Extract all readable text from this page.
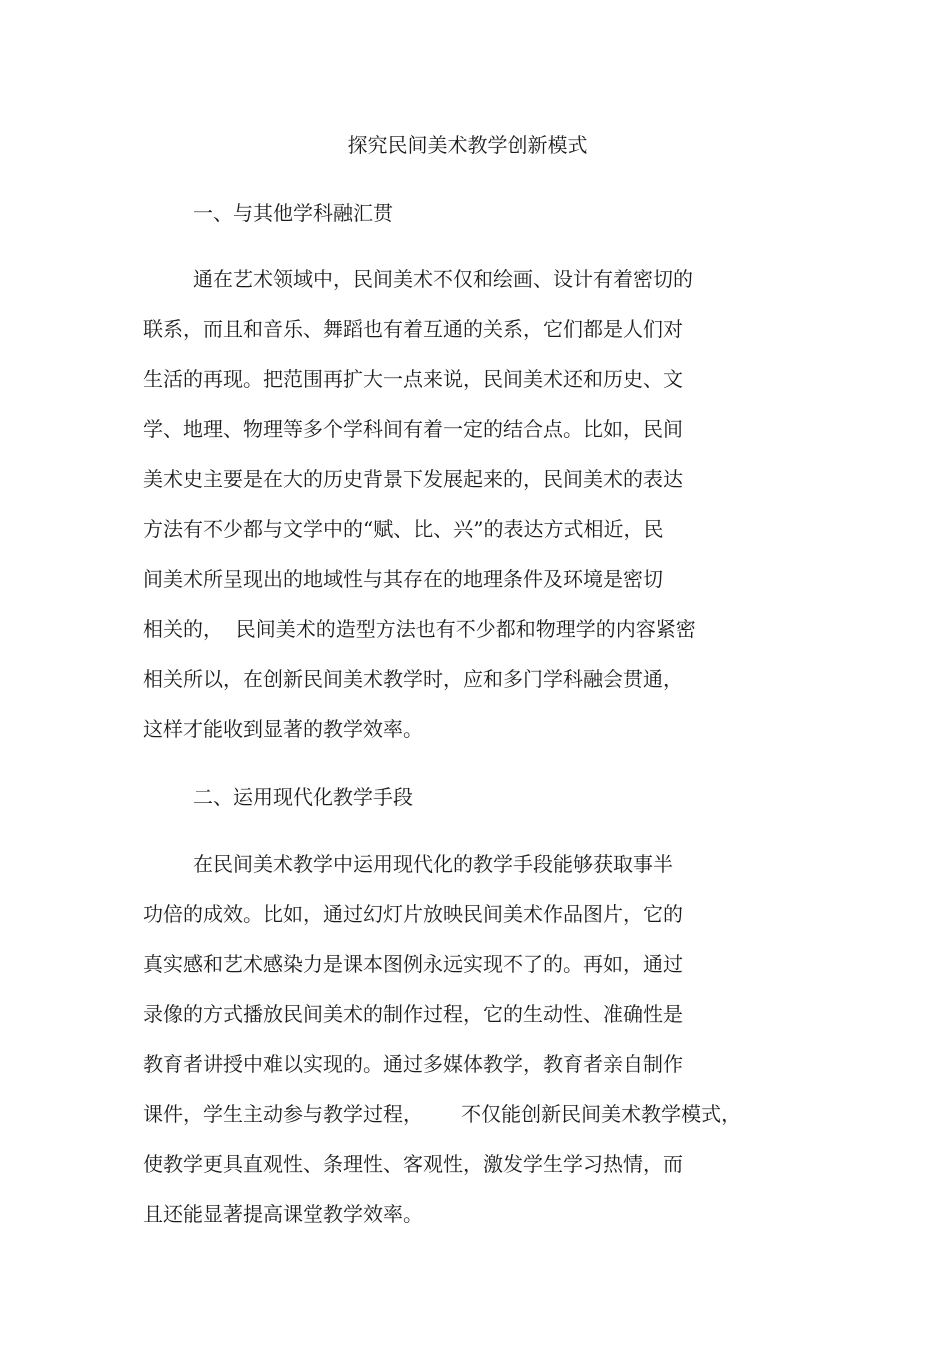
探究民间美术教学创新模式
一、与其他学科融汇贯
通在艺术领域中，民间美术不仅和绘画、设计有着密切的
联系，而且和音乐、舞蹈也有着互通的关系，它们都是人们对
生活的再现。把范围再扩大一点来说，民间美术还和历史、文
学、地理、物理等多个学科间有着一定的结合点。比如，民间
美术史主要是在大的历史背景下发展起来的，民间美术的表达
方法有不少都与文学中的“赋、比、兴”的表达方式相近，民
间美术所呈现出的地域性与其存在的地理条件及环境是密切
相关的，  民间美术的造型方法也有不少都和物理学的内容紧密
相关所以，在创新民间美术教学时，应和多门学科融会贯通，
这样才能收到显著的教学效率。
二、运用现代化教学手段
在民间美术教学中运用现代化的教学手段能够获取事半
功倍的成效。比如，通过幻灯片放映民间美术作品图片，它的
真实感和艺术感染力是课本图例永远实现不了的。再如，通过
录像的方式播放民间美术的制作过程，它的生动性、准确性是
教育者讲授中难以实现的。通过多媒体教学，教育者亲自制作
课件，学生主动参与教学过程，      不仅能创新民间美术教学模式，
使教学更具直观性、条理性、客观性，激发学生学习热情，而
且还能显著提高课堂教学效率。
